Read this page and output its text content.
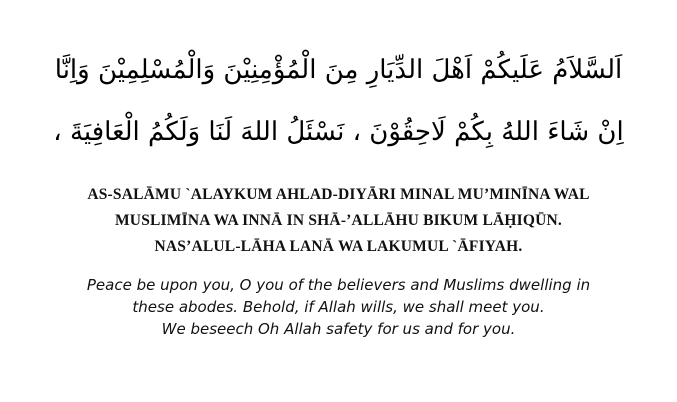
اَلسَّلاَمُ عَلَيكُمْ اَهْلَ الدِّيَارِ مِنَ الْمُؤْمِنِيْنَ وَالْمُسْلِمِيْنَ وَاِنَّا
اِنْ شَاءَ اللهُ بِكُمْ لَاحِقُوْنَ ، نَسْئَلُ اللهَ لَنَا وَلَكُمُ الْعَافِيَةَ ،
AS-SALĀMU `ALAYKUM AHLAD-DIYĀRI MINAL MU’MINĪNA WAL
MUSLIMĪNA WA INNĀ IN SHĀ-’ALLĀHU BIKUM LĀḤIQŪN.
NAS’ALUL-LĀHA LANĀ WA LAKUMUL `ĀFIYAH.
Peace be upon you, O you of the believers and Muslims dwelling in
these abodes. Behold, if Allah wills, we shall meet you.
We beseech Oh Allah safety for us and for you.
